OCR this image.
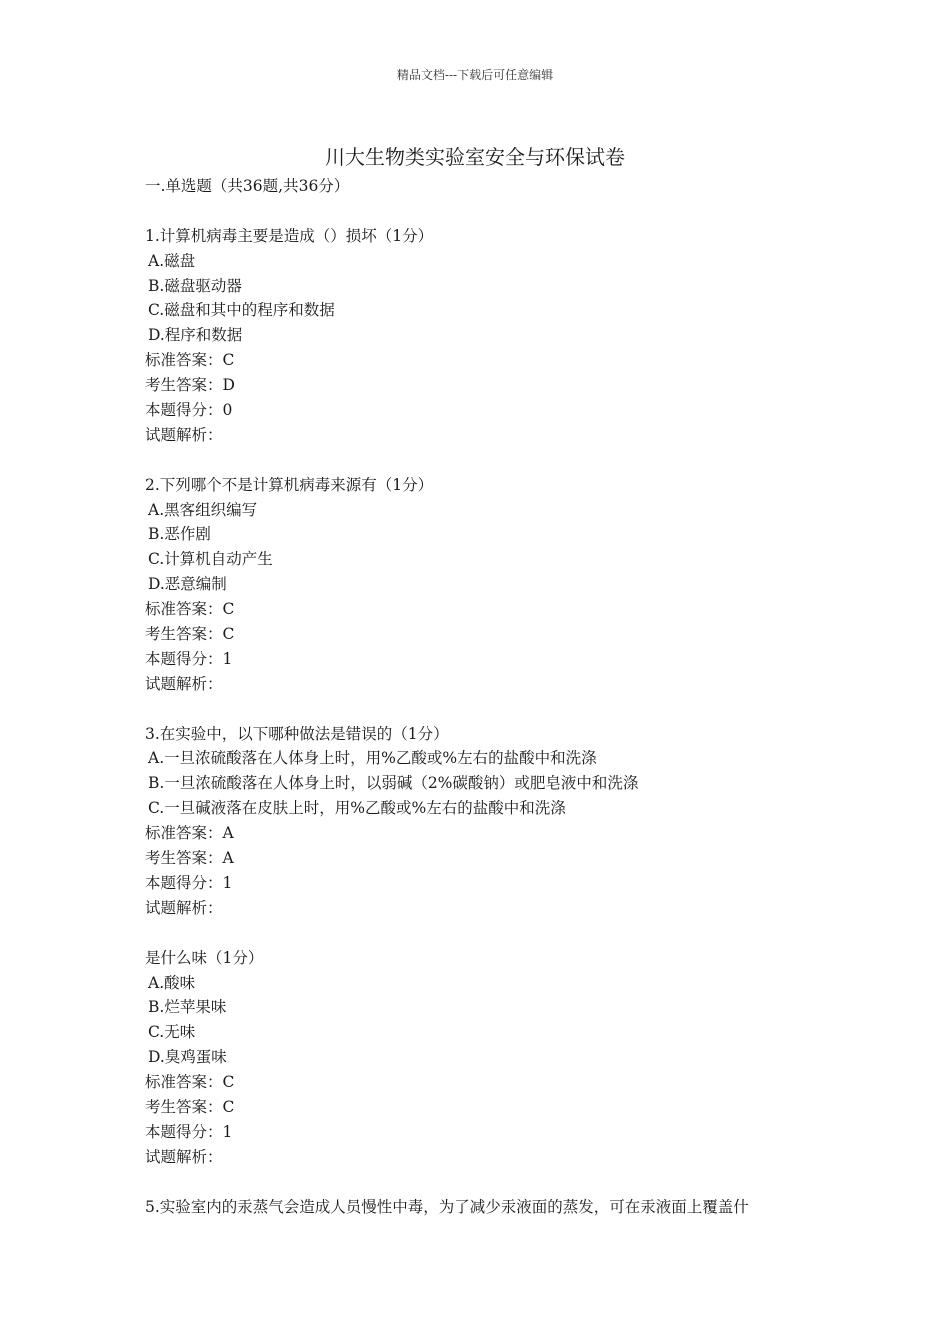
精品文档---下载后可任意编辑
川大生物类实验室安全与环保试卷
一.单选题（共36题,共36分）
1.计算机病毒主要是造成（）损坏（1分）
A.磁盘
B.磁盘驱动器
C.磁盘和其中的程序和数据
D.程序和数据
标准答案：C
考生答案：D
本题得分：0
试题解析：
2.下列哪个不是计算机病毒来源有（1分）
A.黑客组织编写
B.恶作剧
C.计算机自动产生
D.恶意编制
标准答案：C
考生答案：C
本题得分：1
试题解析：
3.在实验中，以下哪种做法是错误的（1分）
A.一旦浓硫酸落在人体身上时，用%乙酸或%左右的盐酸中和洗涤
B.一旦浓硫酸落在人体身上时，以弱碱（2%碳酸钠）或肥皂液中和洗涤
C.一旦碱液落在皮肤上时，用%乙酸或%左右的盐酸中和洗涤
标准答案：A
考生答案：A
本题得分：1
试题解析：
是什么味（1分）
A.酸味
B.烂苹果味
C.无味
D.臭鸡蛋味
标准答案：C
考生答案：C
本题得分：1
试题解析：
5.实验室内的汞蒸气会造成人员慢性中毒，为了减少汞液面的蒸发，可在汞液面上覆盖什
